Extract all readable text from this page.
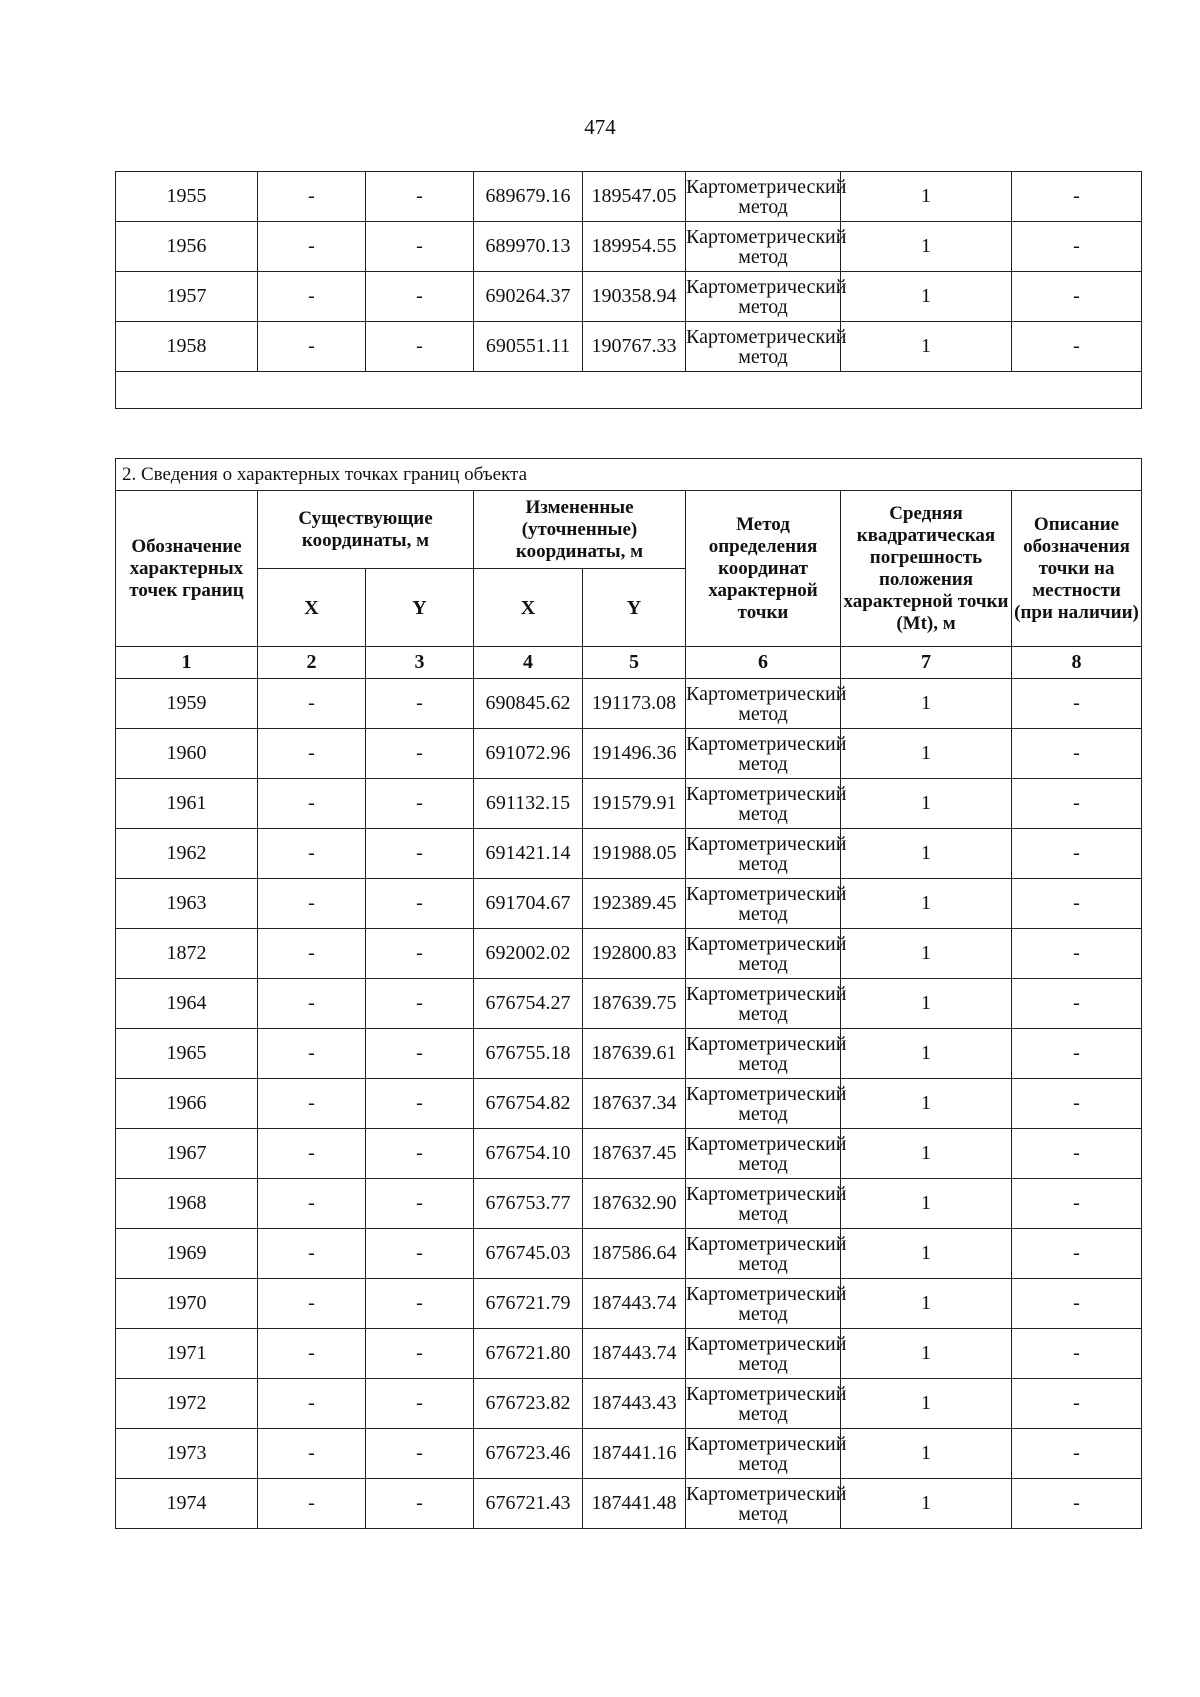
474
1955	-	-	689679.16	189547.05	Картометрический метод	1	-
1956	-	-	689970.13	189954.55	Картометрический метод	1	-
1957	-	-	690264.37	190358.94	Картометрический метод	1	-
1958	-	-	690551.11	190767.33	Картометрический метод	1	-

2. Сведения о характерных точках границ объекта							
Обозначение характерных точек границ	Существующие координаты, м		Измененные (уточненные) координаты, м		Метод определения координат характерной точки	Средняя квадратическая погрешность положения характерной точки (Mt), м	Описание обозначения точки на местности (при наличии)
	X	Y	X	Y			
1	2	3	4	5	6	7	8
1959	-	-	690845.62	191173.08	Картометрический метод	1	-
1960	-	-	691072.96	191496.36	Картометрический метод	1	-
1961	-	-	691132.15	191579.91	Картометрический метод	1	-
1962	-	-	691421.14	191988.05	Картометрический метод	1	-
1963	-	-	691704.67	192389.45	Картометрический метод	1	-
1872	-	-	692002.02	192800.83	Картометрический метод	1	-
1964	-	-	676754.27	187639.75	Картометрический метод	1	-
1965	-	-	676755.18	187639.61	Картометрический метод	1	-
1966	-	-	676754.82	187637.34	Картометрический метод	1	-
1967	-	-	676754.10	187637.45	Картометрический метод	1	-
1968	-	-	676753.77	187632.90	Картометрический метод	1	-
1969	-	-	676745.03	187586.64	Картометрический метод	1	-
1970	-	-	676721.79	187443.74	Картометрический метод	1	-
1971	-	-	676721.80	187443.74	Картометрический метод	1	-
1972	-	-	676723.82	187443.43	Картометрический метод	1	-
1973	-	-	676723.46	187441.16	Картометрический метод	1	-
1974	-	-	676721.43	187441.48	Картометрический метод	1	-
